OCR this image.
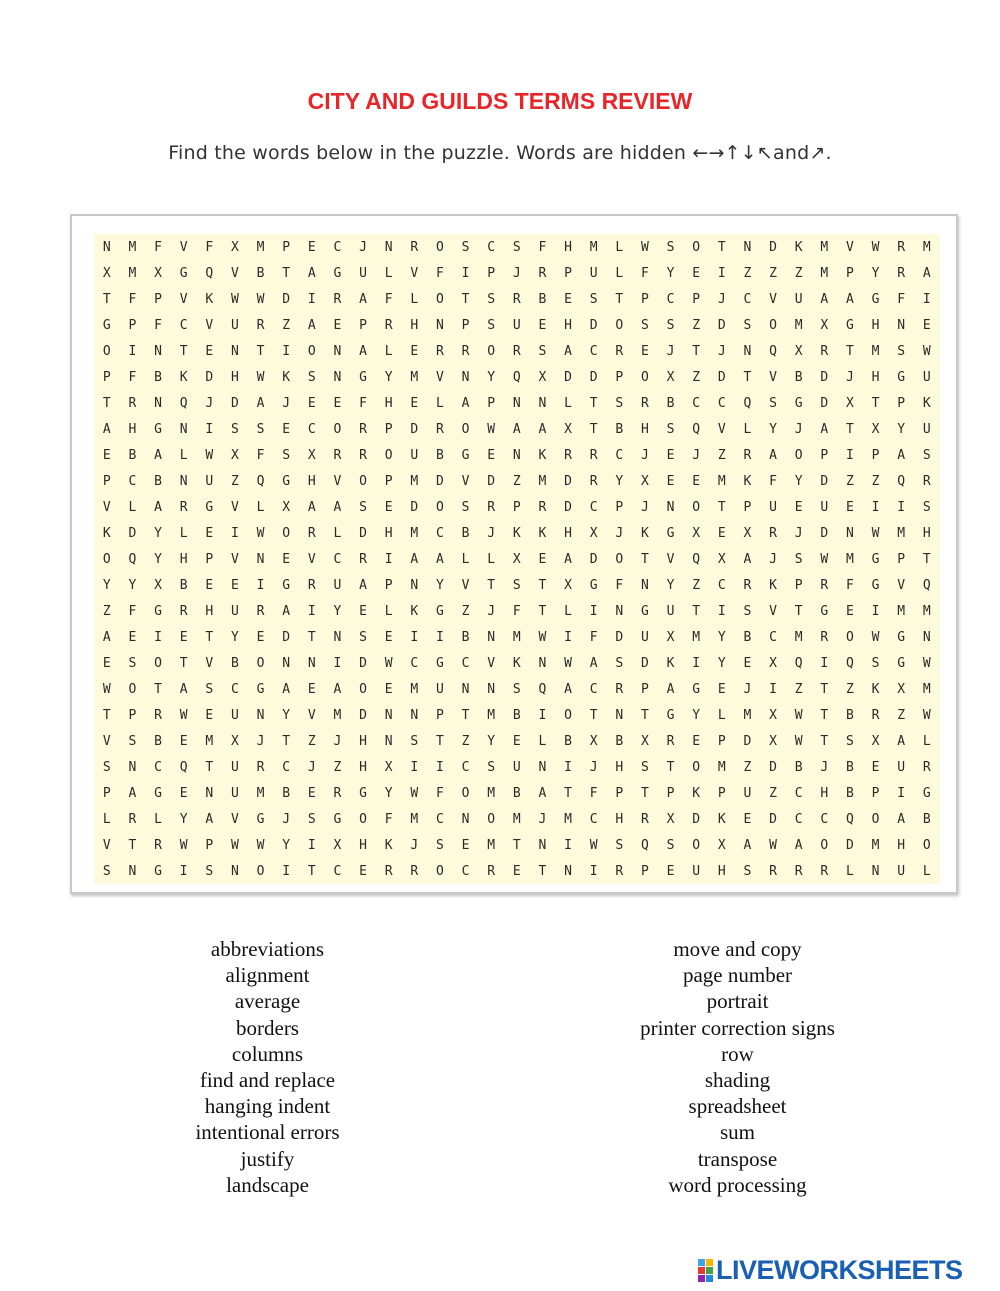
CITY AND GUILDS TERMS REVIEW
Find the words below in the puzzle. Words are hidden ←→↑↓↖and↗.
N	M	F	V	F	X	M	P	E	C	J	N	R	O	S	C	S	F	H	M	L	W	S	O	T	N	D	K	M	V	W	R	M
X	M	X	G	Q	V	B	T	A	G	U	L	V	F	I	P	J	R	P	U	L	F	Y	E	I	Z	Z	Z	M	P	Y	R	A
T	F	P	V	K	W	W	D	I	R	A	F	L	O	T	S	R	B	E	S	T	P	C	P	J	C	V	U	A	A	G	F	I
G	P	F	C	V	U	R	Z	A	E	P	R	H	N	P	S	U	E	H	D	O	S	S	Z	D	S	O	M	X	G	H	N	E
O	I	N	T	E	N	T	I	O	N	A	L	E	R	R	O	R	S	A	C	R	E	J	T	J	N	Q	X	R	T	M	S	W
P	F	B	K	D	H	W	K	S	N	G	Y	M	V	N	Y	Q	X	D	D	P	O	X	Z	D	T	V	B	D	J	H	G	U
T	R	N	Q	J	D	A	J	E	E	F	H	E	L	A	P	N	N	L	T	S	R	B	C	C	Q	S	G	D	X	T	P	K
A	H	G	N	I	S	S	E	C	O	R	P	D	R	O	W	A	A	X	T	B	H	S	Q	V	L	Y	J	A	T	X	Y	U
E	B	A	L	W	X	F	S	X	R	R	O	U	B	G	E	N	K	R	R	C	J	E	J	Z	R	A	O	P	I	P	A	S
P	C	B	N	U	Z	Q	G	H	V	O	P	M	D	V	D	Z	M	D	R	Y	X	E	E	M	K	F	Y	D	Z	Z	Q	R
V	L	A	R	G	V	L	X	A	A	S	E	D	O	S	R	P	R	D	C	P	J	N	O	T	P	U	E	U	E	I	I	S
K	D	Y	L	E	I	W	O	R	L	D	H	M	C	B	J	K	K	H	X	J	K	G	X	E	X	R	J	D	N	W	M	H
O	Q	Y	H	P	V	N	E	V	C	R	I	A	A	L	L	X	E	A	D	O	T	V	Q	X	A	J	S	W	M	G	P	T
Y	Y	X	B	E	E	I	G	R	U	A	P	N	Y	V	T	S	T	X	G	F	N	Y	Z	C	R	K	P	R	F	G	V	Q
Z	F	G	R	H	U	R	A	I	Y	E	L	K	G	Z	J	F	T	L	I	N	G	U	T	I	S	V	T	G	E	I	M	M
A	E	I	E	T	Y	E	D	T	N	S	E	I	I	B	N	M	W	I	F	D	U	X	M	Y	B	C	M	R	O	W	G	N
E	S	O	T	V	B	O	N	N	I	D	W	C	G	C	V	K	N	W	A	S	D	K	I	Y	E	X	Q	I	Q	S	G	W
W	O	T	A	S	C	G	A	E	A	O	E	M	U	N	N	S	Q	A	C	R	P	A	G	E	J	I	Z	T	Z	K	X	M
T	P	R	W	E	U	N	Y	V	M	D	N	N	P	T	M	B	I	O	T	N	T	G	Y	L	M	X	W	T	B	R	Z	W
V	S	B	E	M	X	J	T	Z	J	H	N	S	T	Z	Y	E	L	B	X	B	X	R	E	P	D	X	W	T	S	X	A	L
S	N	C	Q	T	U	R	C	J	Z	H	X	I	I	C	S	U	N	I	J	H	S	T	O	M	Z	D	B	J	B	E	U	R
P	A	G	E	N	U	M	B	E	R	G	Y	W	F	O	M	B	A	T	F	P	T	P	K	P	U	Z	C	H	B	P	I	G
L	R	L	Y	A	V	G	J	S	G	O	F	M	C	N	O	M	J	M	C	H	R	X	D	K	E	D	C	C	Q	O	A	B
V	T	R	W	P	W	W	Y	I	X	H	K	J	S	E	M	T	N	I	W	S	Q	S	O	X	A	W	A	O	D	M	H	O
S	N	G	I	S	N	O	I	T	C	E	R	R	O	C	R	E	T	N	I	R	P	E	U	H	S	R	R	R	L	N	U	L
abbreviations
alignment
average
borders
columns
find and replace
hanging indent
intentional errors
justify
landscape
move and copy
page number
portrait
printer correction signs
row
shading
spreadsheet
sum
transpose
word processing
LIVEWORKSHEETS
